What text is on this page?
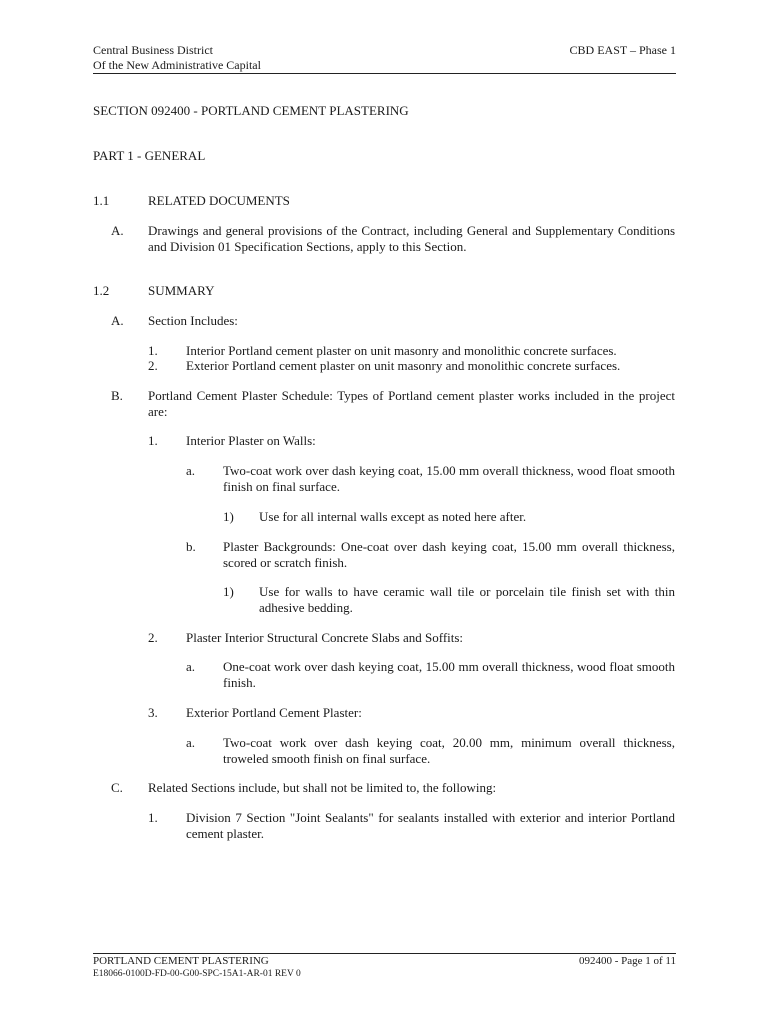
Central Business District
Of the New Administrative Capital
CBD EAST – Phase 1
SECTION 092400 - PORTLAND CEMENT PLASTERING
PART 1 - GENERAL
1.1	RELATED DOCUMENTS
A. Drawings and general provisions of the Contract, including General and Supplementary Conditions and Division 01 Specification Sections, apply to this Section.
1.2	SUMMARY
A. Section Includes:
1. Interior Portland cement plaster on unit masonry and monolithic concrete surfaces.
2. Exterior Portland cement plaster on unit masonry and monolithic concrete surfaces.
B. Portland Cement Plaster Schedule: Types of Portland cement plaster works included in the project are:
1. Interior Plaster on Walls:
a. Two-coat work over dash keying coat, 15.00 mm overall thickness, wood float smooth finish on final surface.
1) Use for all internal walls except as noted here after.
b. Plaster Backgrounds: One-coat over dash keying coat, 15.00 mm overall thickness, scored or scratch finish.
1) Use for walls to have ceramic wall tile or porcelain tile finish set with thin adhesive bedding.
2. Plaster Interior Structural Concrete Slabs and Soffits:
a. One-coat work over dash keying coat, 15.00 mm overall thickness, wood float smooth finish.
3. Exterior Portland Cement Plaster:
a. Two-coat work over dash keying coat, 20.00 mm, minimum overall thickness, troweled smooth finish on final surface.
C. Related Sections include, but shall not be limited to, the following:
1. Division 7 Section "Joint Sealants" for sealants installed with exterior and interior Portland cement plaster.
PORTLAND CEMENT PLASTERING	092400 - Page 1 of 11
E18066-0100D-FD-00-G00-SPC-15A1-AR-01 REV 0
